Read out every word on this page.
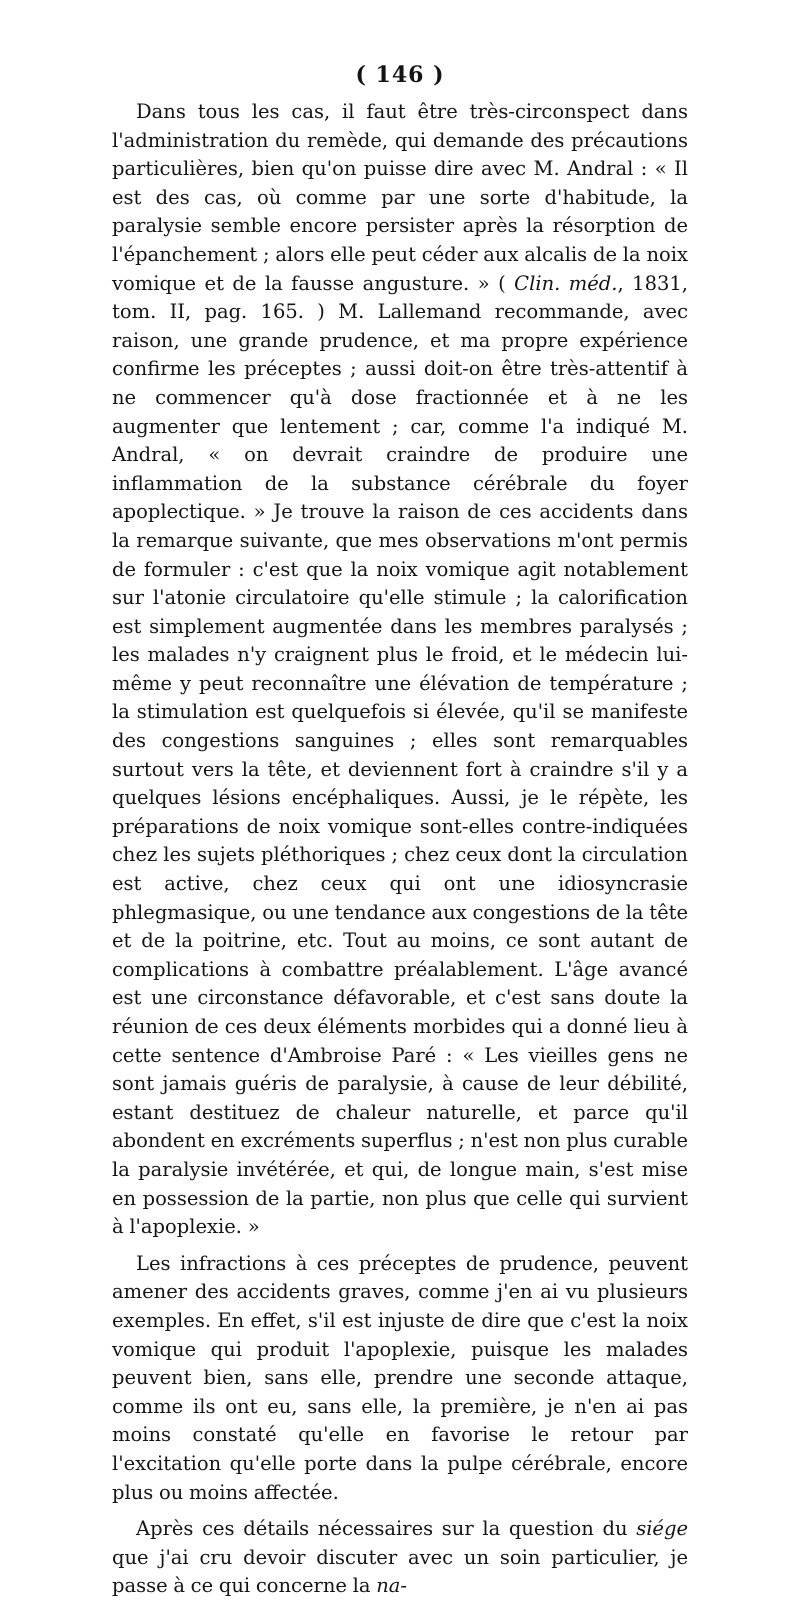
( 146 )

Dans tous les cas, il faut être très-circonspect dans l'administration du remède, qui demande des précautions particulières, bien qu'on puisse dire avec M. Andral : « Il est des cas, où comme par une sorte d'habitude, la paralysie semble encore persister après la résorption de l'épanchement ; alors elle peut céder aux alcalis de la noix vomique et de la fausse angusture. » ( Clin. méd., 1831, tom. II, pag. 165. ) M. Lallemand recommande, avec raison, une grande prudence, et ma propre expérience confirme les préceptes ; aussi doit-on être très-attentif à ne commencer qu'à dose fractionnée et à ne les augmenter que lentement ; car, comme l'a indiqué M. Andral, « on devrait craindre de produire une inflammation de la substance cérébrale du foyer apoplectique. » Je trouve la raison de ces accidents dans la remarque suivante, que mes observations m'ont permis de formuler : c'est que la noix vomique agit notablement sur l'atonie circulatoire qu'elle stimule ; la calorification est simplement augmentée dans les membres paralysés ; les malades n'y craignent plus le froid, et le médecin lui-même y peut reconnaître une élévation de température ; la stimulation est quelquefois si élevée, qu'il se manifeste des congestions sanguines ; elles sont remarquables surtout vers la tête, et deviennent fort à craindre s'il y a quelques lésions encéphaliques. Aussi, je le répète, les préparations de noix vomique sont-elles contre-indiquées chez les sujets pléthoriques ; chez ceux dont la circulation est active, chez ceux qui ont une idiosyncrasie phlegmasique, ou une tendance aux congestions de la tête et de la poitrine, etc. Tout au moins, ce sont autant de complications à combattre préalablement. L'âge avancé est une circonstance défavorable, et c'est sans doute la réunion de ces deux éléments morbides qui a donné lieu à cette sentence d'Ambroise Paré : « Les vieilles gens ne sont jamais guéris de paralysie, à cause de leur débilité, estant destituez de chaleur naturelle, et parce qu'il abondent en excréments superflus ; n'est non plus curable la paralysie invétérée, et qui, de longue main, s'est mise en possession de la partie, non plus que celle qui survient à l'apoplexie. »

Les infractions à ces préceptes de prudence, peuvent amener des accidents graves, comme j'en ai vu plusieurs exemples. En effet, s'il est injuste de dire que c'est la noix vomique qui produit l'apoplexie, puisque les malades peuvent bien, sans elle, prendre une seconde attaque, comme ils ont eu, sans elle, la première, je n'en ai pas moins constaté qu'elle en favorise le retour par l'excitation qu'elle porte dans la pulpe cérébrale, encore plus ou moins affectée.

Après ces détails nécessaires sur la question du siége que j'ai cru devoir discuter avec un soin particulier, je passe à ce qui concerne la na-
